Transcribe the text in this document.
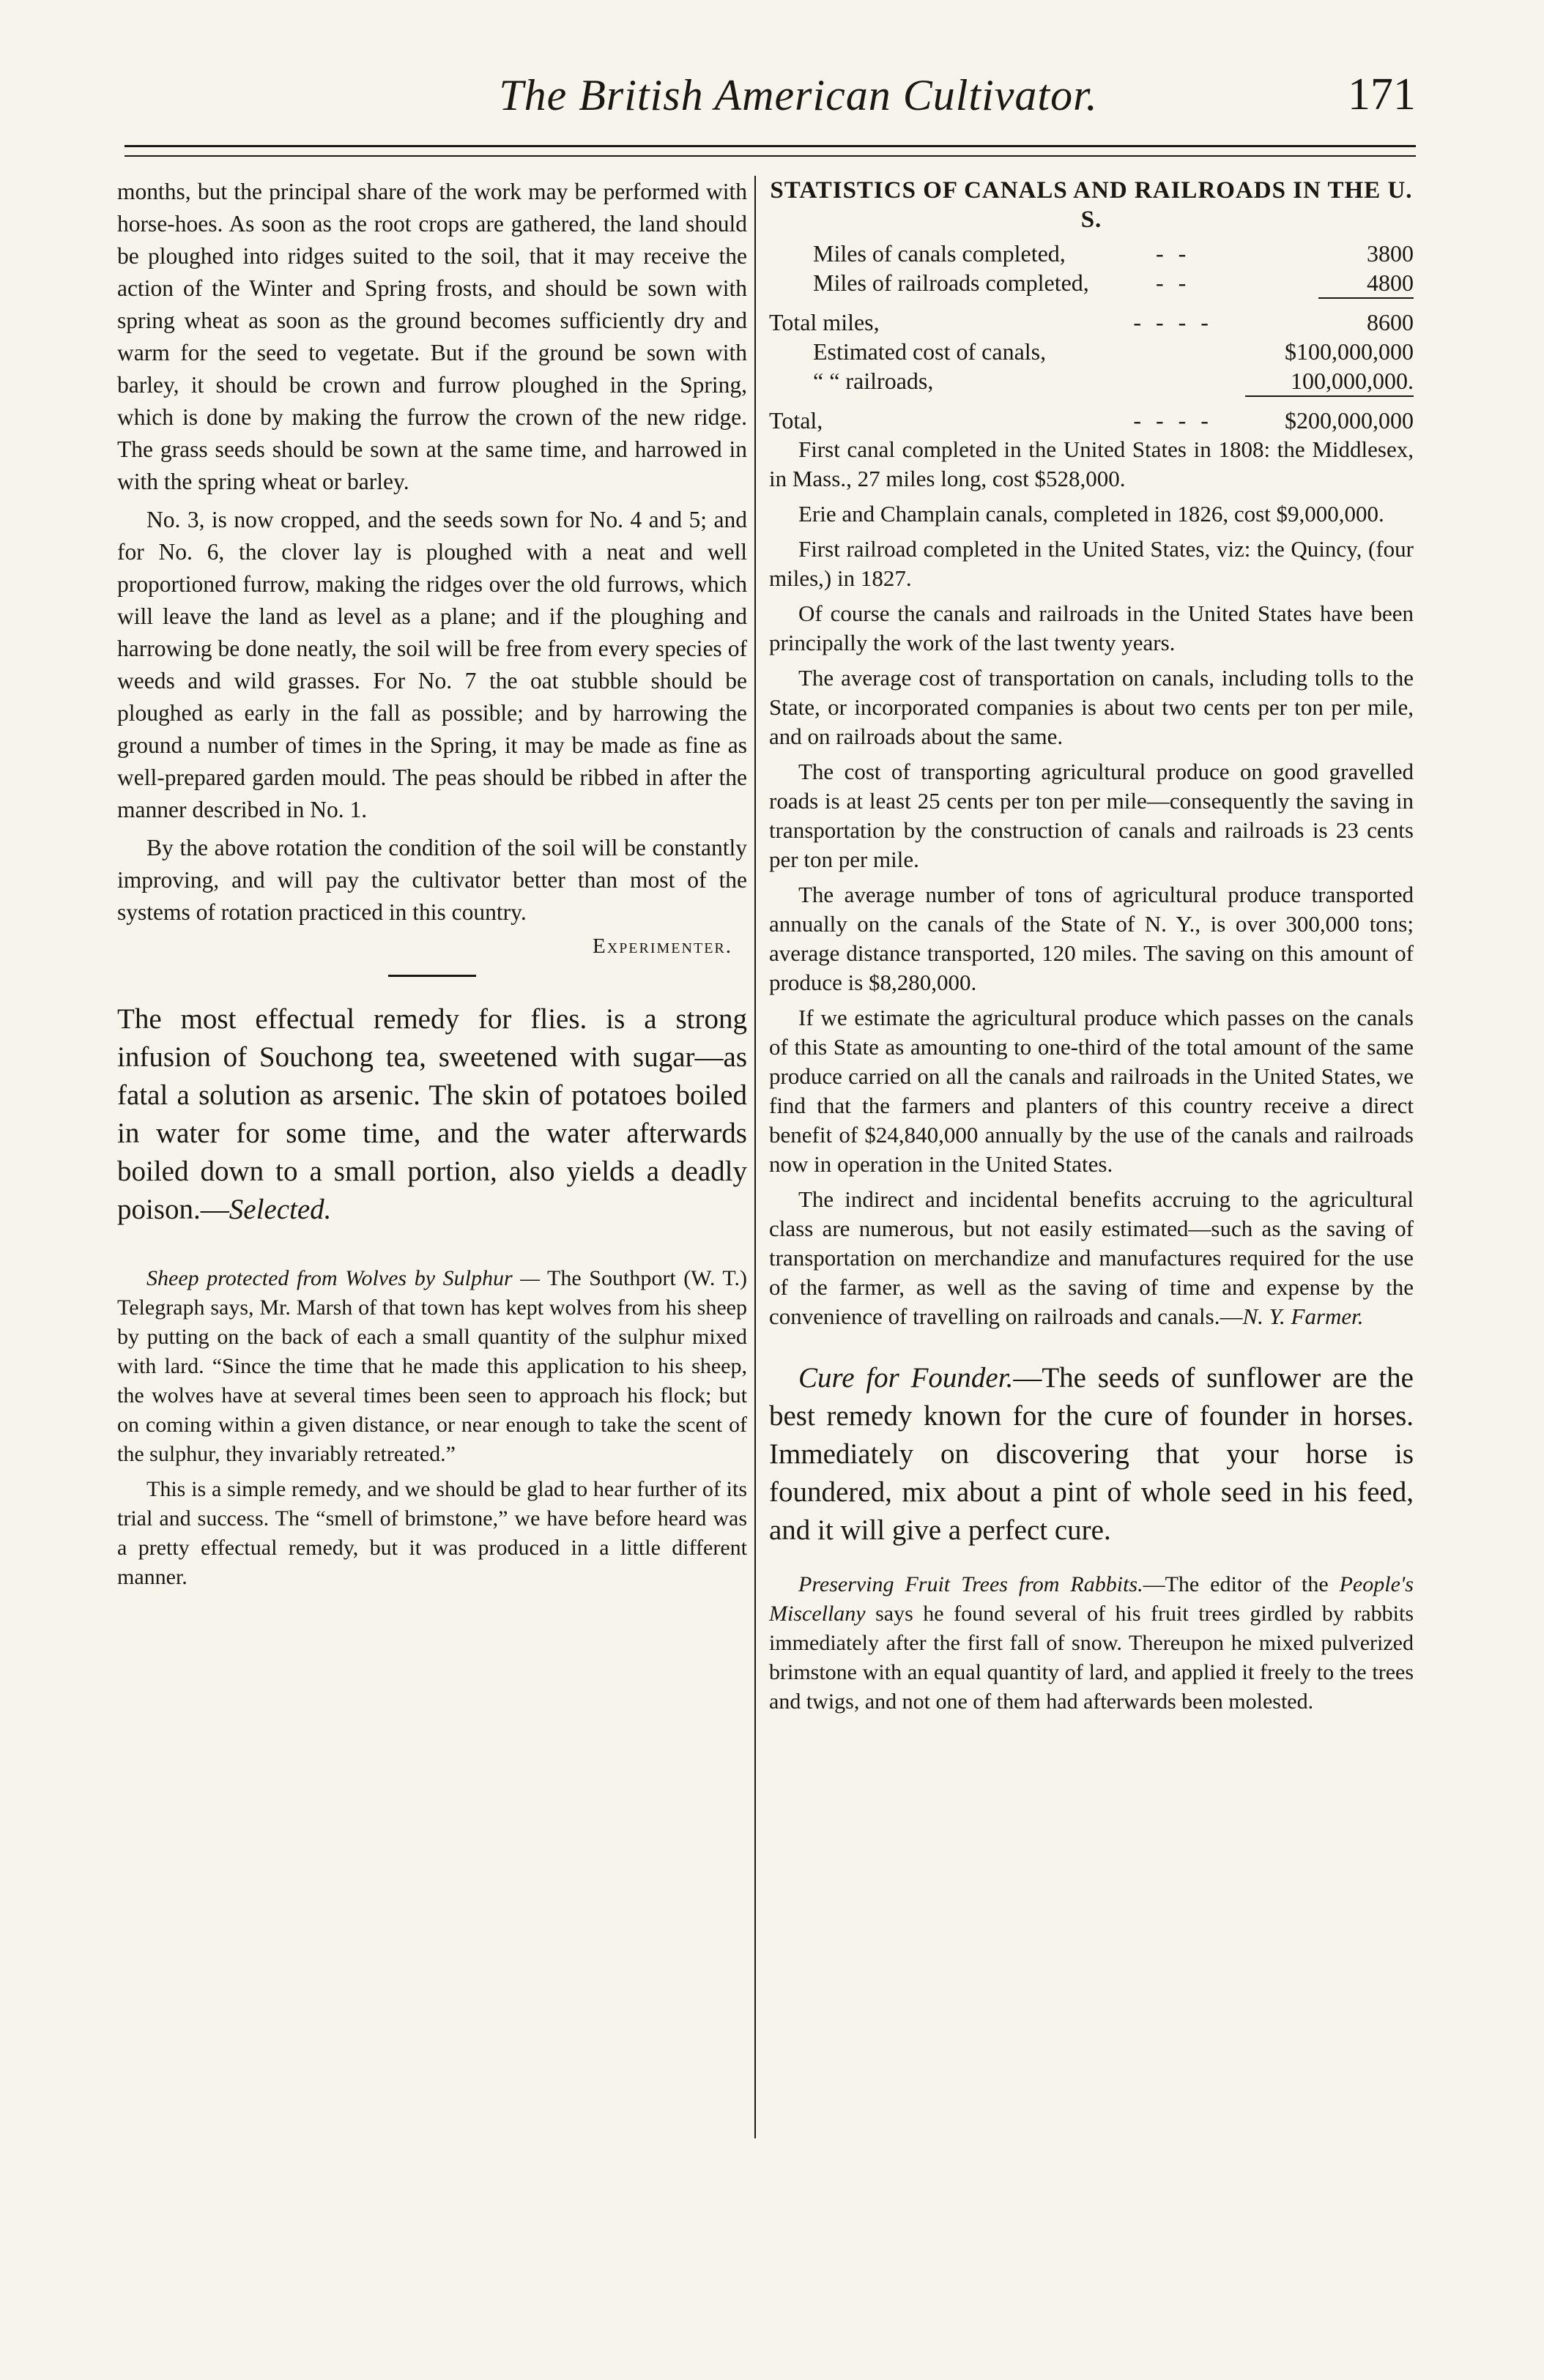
The British American Cultivator.	171

months, but the principal share of the work may be performed with horse-hoes. As soon as the root crops are gathered, the land should be ploughed into ridges suited to the soil, that it may receive the action of the Winter and Spring frosts, and should be sown with spring wheat as soon as the ground becomes sufficiently dry and warm for the seed to vegetate. But if the ground be sown with barley, it should be crown and furrow ploughed in the Spring, which is done by making the furrow the crown of the new ridge. The grass seeds should be sown at the same time, and harrowed in with the spring wheat or barley.

No. 3, is now cropped, and the seeds sown for No. 4 and 5; and for No. 6, the clover lay is ploughed with a neat and well proportioned furrow, making the ridges over the old furrows, which will leave the land as level as a plane; and if the ploughing and harrowing be done neatly, the soil will be free from every species of weeds and wild grasses. For No. 7 the oat stubble should be ploughed as early in the fall as possible; and by harrowing the ground a number of times in the Spring, it may be made as fine as well-prepared garden mould. The peas should be ribbed in after the manner described in No. 1.

By the above rotation the condition of the soil will be constantly improving, and will pay the cultivator better than most of the systems of rotation practiced in this country.

Experimenter.

The most effectual remedy for flies. is a strong infusion of Souchong tea, sweetened with sugar—as fatal a solution as arsenic. The skin of potatoes boiled in water for some time, and the water afterwards boiled down to a small portion, also yields a deadly poison.—Selected.

Sheep protected from Wolves by Sulphur — The Southport (W. T.) Telegraph says, Mr. Marsh of that town has kept wolves from his sheep by putting on the back of each a small quantity of the sulphur mixed with lard. “Since the time that he made this application to his sheep, the wolves have at several times been seen to approach his flock; but on coming within a given distance, or near enough to take the scent of the sulphur, they invariably retreated.”

This is a simple remedy, and we should be glad to hear further of its trial and success. The “smell of brimstone,” we have before heard was a pretty effectual remedy, but it was produced in a little different manner.

STATISTICS OF CANALS AND RAILROADS IN THE U. S.
Miles of canals completed,	- -	3800
Miles of railroads completed,	- -	4800

Total miles,	- - - -	8600
Estimated cost of canals,		$100,000,000
“ “ railroads,		100,000,000.

Total,	- - - -	$200,000,000

First canal completed in the United States in 1808: the Middlesex, in Mass., 27 miles long, cost $528,000.

Erie and Champlain canals, completed in 1826, cost $9,000,000.

First railroad completed in the United States, viz: the Quincy, (four miles,) in 1827.

Of course the canals and railroads in the United States have been principally the work of the last twenty years.

The average cost of transportation on canals, including tolls to the State, or incorporated companies is about two cents per ton per mile, and on railroads about the same.

The cost of transporting agricultural produce on good gravelled roads is at least 25 cents per ton per mile—consequently the saving in transportation by the construction of canals and railroads is 23 cents per ton per mile.

The average number of tons of agricultural produce transported annually on the canals of the State of N. Y., is over 300,000 tons; average distance transported, 120 miles. The saving on this amount of produce is $8,280,000.

If we estimate the agricultural produce which passes on the canals of this State as amounting to one-third of the total amount of the same produce carried on all the canals and railroads in the United States, we find that the farmers and planters of this country receive a direct benefit of $24,840,000 annually by the use of the canals and railroads now in operation in the United States.

The indirect and incidental benefits accruing to the agricultural class are numerous, but not easily estimated—such as the saving of transportation on merchandize and manufactures required for the use of the farmer, as well as the saving of time and expense by the convenience of travelling on railroads and canals.—N. Y. Farmer.

Cure for Founder.—The seeds of sunflower are the best remedy known for the cure of founder in horses. Immediately on discovering that your horse is foundered, mix about a pint of whole seed in his feed, and it will give a perfect cure.

Preserving Fruit Trees from Rabbits.—The editor of the People's Miscellany says he found several of his fruit trees girdled by rabbits immediately after the first fall of snow. Thereupon he mixed pulverized brimstone with an equal quantity of lard, and applied it freely to the trees and twigs, and not one of them had afterwards been molested.
